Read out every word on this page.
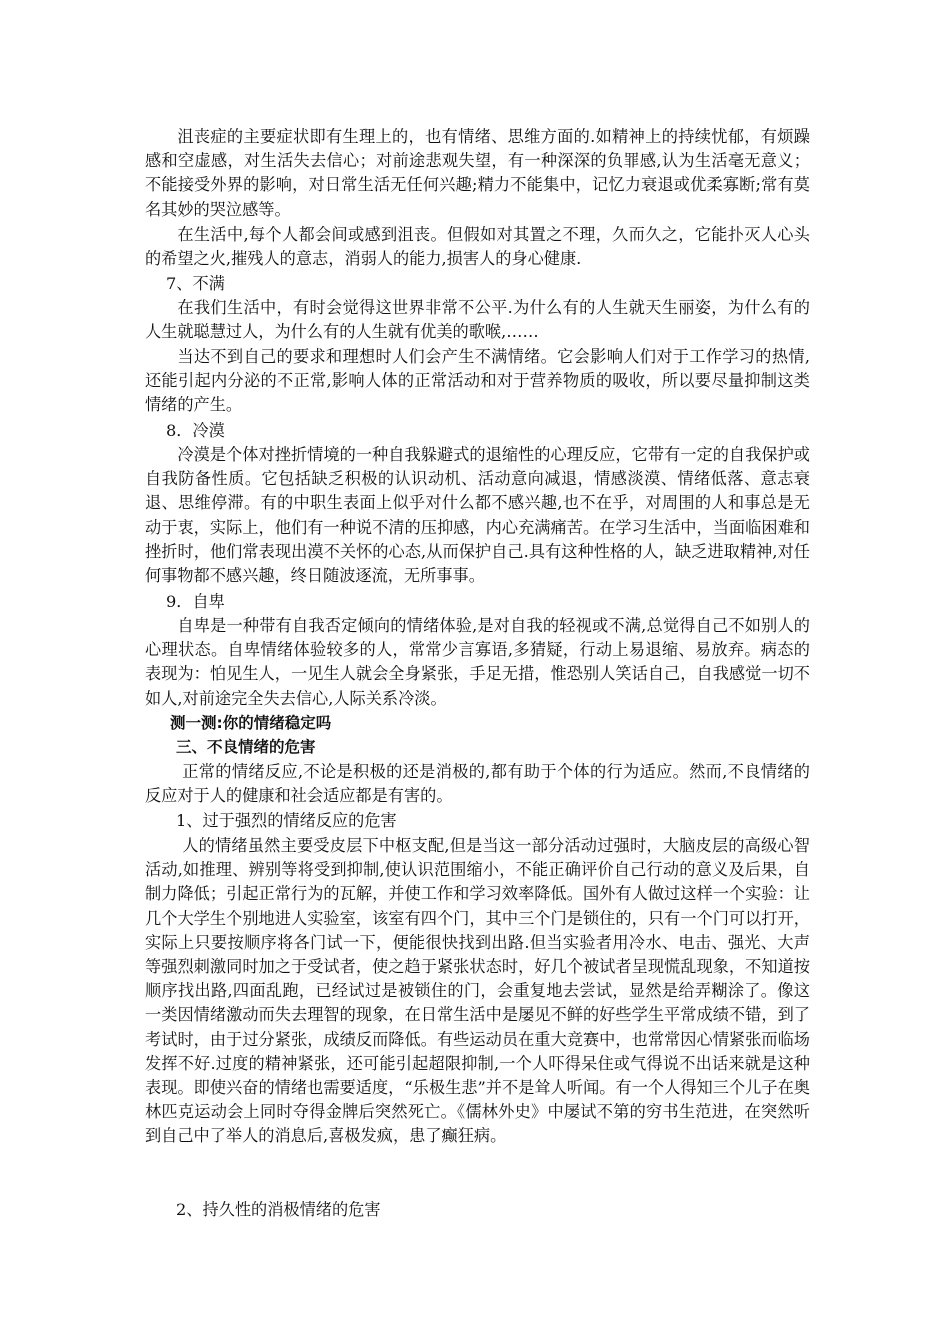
沮丧症的主要症状即有生理上的，也有情绪、思维方面的.如精神上的持续忧郁，有烦躁感和空虚感，对生活失去信心；对前途悲观失望，有一种深深的负罪感,认为生活毫无意义；不能接受外界的影响，对日常生活无任何兴趣;精力不能集中，记忆力衰退或优柔寡断;常有莫名其妙的哭泣感等。

在生活中,每个人都会间或感到沮丧。但假如对其置之不理，久而久之，它能扑灭人心头的希望之火,摧残人的意志，消弱人的能力,损害人的身心健康.

7、不满

在我们生活中，有时会觉得这世界非常不公平.为什么有的人生就天生丽姿，为什么有的人生就聪慧过人，为什么有的人生就有优美的歌喉,……

当达不到自己的要求和理想时人们会产生不满情绪。它会影响人们对于工作学习的热情,还能引起内分泌的不正常,影响人体的正常活动和对于营养物质的吸收，所以要尽量抑制这类情绪的产生。

8．冷漠

冷漠是个体对挫折情境的一种自我躲避式的退缩性的心理反应，它带有一定的自我保护或自我防备性质。它包括缺乏积极的认识动机、活动意向减退，情感淡漠、情绪低落、意志衰退、思维停滞。有的中职生表面上似乎对什么都不感兴趣,也不在乎，对周围的人和事总是无动于衷，实际上，他们有一种说不清的压抑感，内心充满痛苦。在学习生活中，当面临困难和挫折时，他们常表现出漠不关怀的心态,从而保护自己.具有这种性格的人，缺乏进取精神,对任何事物都不感兴趣，终日随波逐流，无所事事。

9．自卑

自卑是一种带有自我否定倾向的情绪体验,是对自我的轻视或不满,总觉得自己不如别人的心理状态。自卑情绪体验较多的人，常常少言寡语,多猜疑，行动上易退缩、易放弃。病态的表现为：怕见生人，一见生人就会全身紧张，手足无措，惟恐别人笑话自己，自我感觉一切不如人,对前途完全失去信心,人际关系冷淡。

测一测:你的情绪稳定吗

三、不良情绪的危害

正常的情绪反应,不论是积极的还是消极的,都有助于个体的行为适应。然而,不良情绪的反应对于人的健康和社会适应都是有害的。

1、过于强烈的情绪反应的危害

人的情绪虽然主要受皮层下中枢支配,但是当这一部分活动过强时，大脑皮层的高级心智活动,如推理、辨别等将受到抑制,使认识范围缩小，不能正确评价自己行动的意义及后果，自制力降低；引起正常行为的瓦解，并使工作和学习效率降低。国外有人做过这样一个实验：让几个大学生个别地进人实验室，该室有四个门，其中三个门是锁住的，只有一个门可以打开，实际上只要按顺序将各门试一下，便能很快找到出路.但当实验者用冷水、电击、强光、大声等强烈刺激同时加之于受试者，使之趋于紧张状态时，好几个被试者呈现慌乱现象，不知道按顺序找出路,四面乱跑，已经试过是被锁住的门，会重复地去尝试，显然是给弄糊涂了。像这一类因情绪激动而失去理智的现象，在日常生活中是屡见不鲜的好些学生平常成绩不错，到了考试时，由于过分紧张，成绩反而降低。有些运动员在重大竞赛中，也常常因心情紧张而临场发挥不好.过度的精神紧张，还可能引起超限抑制,一个人吓得呆住或气得说不出话来就是这种表现。即使兴奋的情绪也需要适度，“乐极生悲”并不是耸人听闻。有一个人得知三个儿子在奥林匹克运动会上同时夺得金牌后突然死亡。《儒林外史》中屡试不第的穷书生范进，在突然听到自己中了举人的消息后,喜极发疯，患了癫狂病。

2、持久性的消极情绪的危害
